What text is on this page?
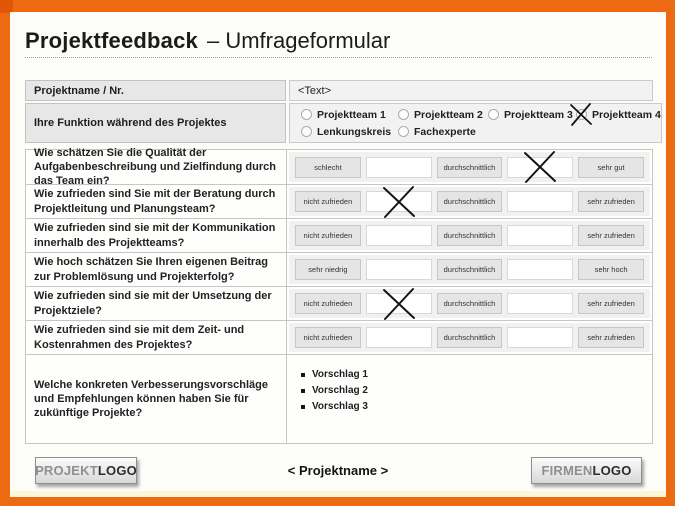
Projektfeedback – Umfrageformular
Projektname / Nr.	<Text>
Ihre Funktion während des Projektes
Projektteam 1	Projektteam 2 Projektteam 3 Projektteam 4
Lenkungskreis Fachexperte
Wie schätzen Sie die Qualität der Aufgabenbeschreibung und Zielfindung durch das Team ein?
schlecht	durchschnittlich	sehr gut
Wie zufrieden sind Sie mit der Beratung durch Projektleitung und Planungsteam?
nicht zufrieden	durchschnittlich	sehr zufrieden
Wie zufrieden sind sie mit der Kommunikation innerhalb des Projektteams?
nicht zufrieden	durchschnittlich	sehr zufrieden
Wie hoch schätzen Sie Ihren eigenen Beitrag zur Problemlösung und Projekterfolg?
sehr niedrig	durchschnittlich	sehr hoch
Wie zufrieden sind sie mit der Umsetzung der Projektziele?
nicht zufrieden	durchschnittlich	sehr zufrieden
Wie zufrieden sind sie mit dem Zeit- und Kostenrahmen des Projektes?
nicht zufrieden	durchschnittlich	sehr zufrieden
Welche konkreten Verbesserungsvorschläge und Empfehlungen können haben Sie für zukünftige Projekte?
Vorschlag 1
Vorschlag 2
Vorschlag 3
PROJEKT LOGO	< Projektname >	FIRMEN LOGO
